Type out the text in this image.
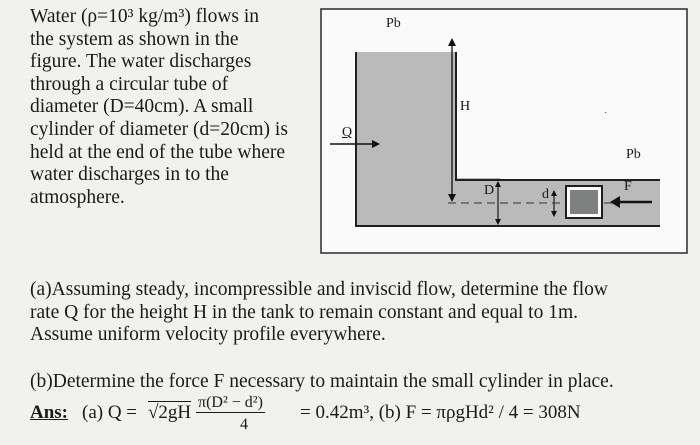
Water (ρ=10³ kg/m³) flows in
the system as shown in the
figure. The water discharges
through a circular tube of
diameter (D=40cm). A small
cylinder of diameter (d=20cm) is
held at the end of the tube where
water discharges in to the
atmosphere.
˙
Pb
H
Q
D	d
Pb
F
(a)Assuming steady, incompressible and inviscid flow, determine the flow
rate Q for the height H in the tank to remain constant and equal to 1m.
Assume uniform velocity profile everywhere.
(b)Determine the force F necessary to maintain the small cylinder in place.
Ans: (a) Q = √2gH π(D² − d²)
4
= 0.42m³, (b) F = πρgHd² / 4 = 308N
